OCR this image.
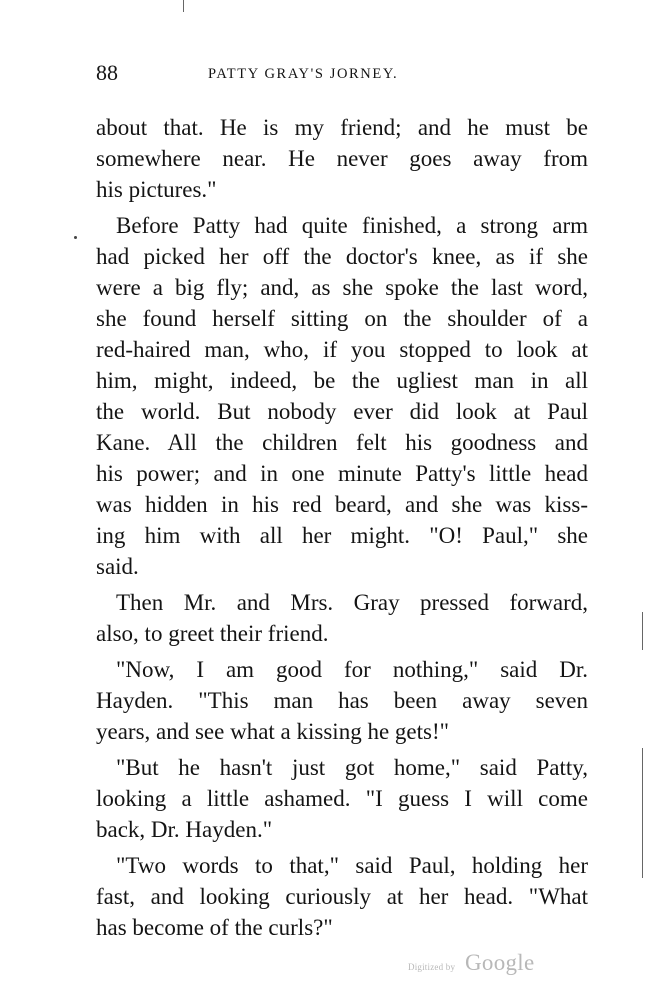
88	PATTY GRAY'S JORNEY.

about that. He is my friend; and he must be
somewhere near. He never goes away from
his pictures."

Before Patty had quite finished, a strong arm
had picked her off the doctor's knee, as if she
were a big fly; and, as she spoke the last word,
she found herself sitting on the shoulder of a
red-haired man, who, if you stopped to look at
him, might, indeed, be the ugliest man in all
the world. But nobody ever did look at Paul
Kane. All the children felt his goodness and
his power; and in one minute Patty's little head
was hidden in his red beard, and she was kiss-
ing him with all her might. "O! Paul," she
said.

Then Mr. and Mrs. Gray pressed forward,
also, to greet their friend.

"Now, I am good for nothing," said Dr.
Hayden. "This man has been away seven
years, and see what a kissing he gets!"

"But he hasn't just got home," said Patty,
looking a little ashamed. "I guess I will come
back, Dr. Hayden."

"Two words to that," said Paul, holding her
fast, and looking curiously at her head. "What
has become of the curls?"

Digitized by Google
